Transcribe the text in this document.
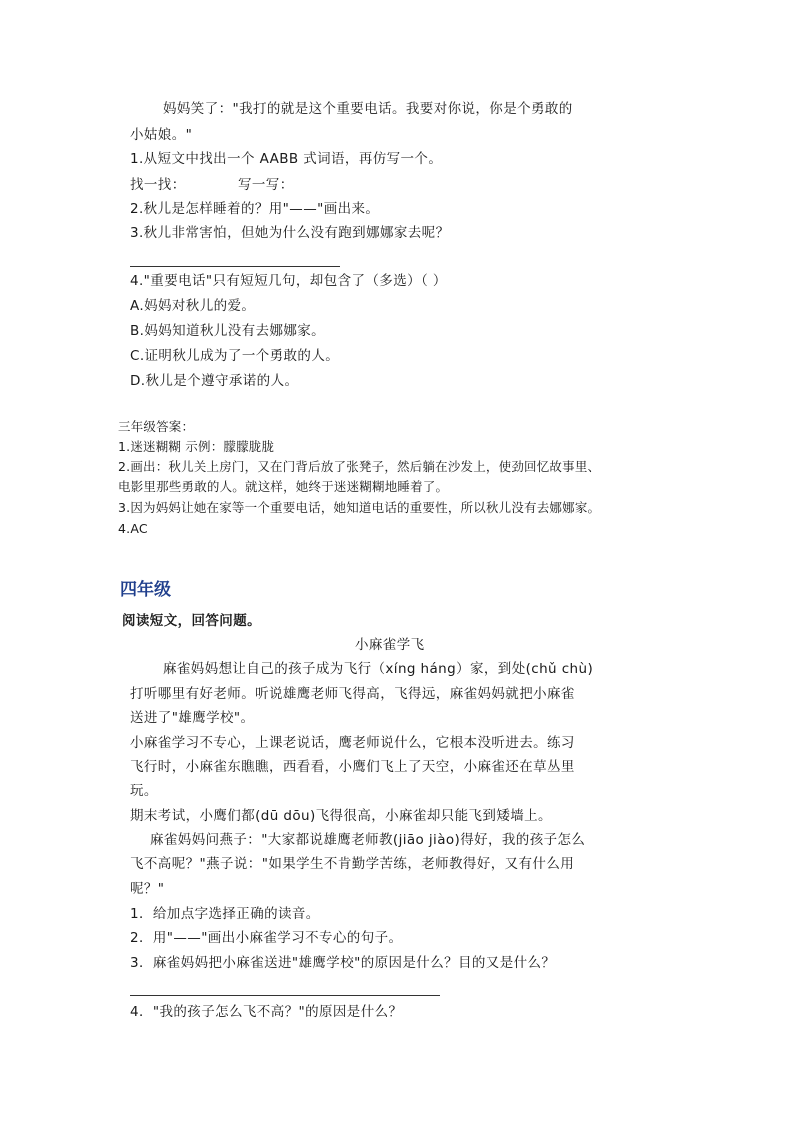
妈妈笑了："我打的就是这个重要电话。我要对你说，你是个勇敢的
小姑娘。"
1.从短文中找出一个 AABB 式词语，再仿写一个。
找一找：	写一写：
2.秋儿是怎样睡着的？用"——"画出来。
3.秋儿非常害怕，但她为什么没有跑到娜娜家去呢？
4."重要电话"只有短短几句，却包含了（多选）（ ）
A.妈妈对秋儿的爱。
B.妈妈知道秋儿没有去娜娜家。
C.证明秋儿成为了一个勇敢的人。
D.秋儿是个遵守承诺的人。
三年级答案：
1.迷迷糊糊 示例：朦朦胧胧
2.画出：秋儿关上房门，又在门背后放了张凳子，然后躺在沙发上，使劲回忆故事里、
电影里那些勇敢的人。就这样，她终于迷迷糊糊地睡着了。
3.因为妈妈让她在家等一个重要电话，她知道电话的重要性，所以秋儿没有去娜娜家。
4.AC
四年级
阅读短文，回答问题。
小麻雀学飞
麻雀妈妈想让自己的孩子成为飞行（xíng háng）家，到处(chǔ chù)
打听哪里有好老师。听说雄鹰老师飞得高，飞得远，麻雀妈妈就把小麻雀
送进了"雄鹰学校"。
小麻雀学习不专心，上课老说话，鹰老师说什么，它根本没听进去。练习
飞行时，小麻雀东瞧瞧，西看看，小鹰们飞上了天空，小麻雀还在草丛里
玩。
期末考试，小鹰们都(dū dōu)飞得很高，小麻雀却只能飞到矮墙上。
麻雀妈妈问燕子："大家都说雄鹰老师教(jiāo jiào)得好，我的孩子怎么
飞不高呢？"燕子说："如果学生不肯勤学苦练，老师教得好，又有什么用
呢？"
1．给加点字选择正确的读音。
2．用"——"画出小麻雀学习不专心的句子。
3．麻雀妈妈把小麻雀送进"雄鹰学校"的原因是什么？目的又是什么？
4．"我的孩子怎么飞不高？"的原因是什么？
